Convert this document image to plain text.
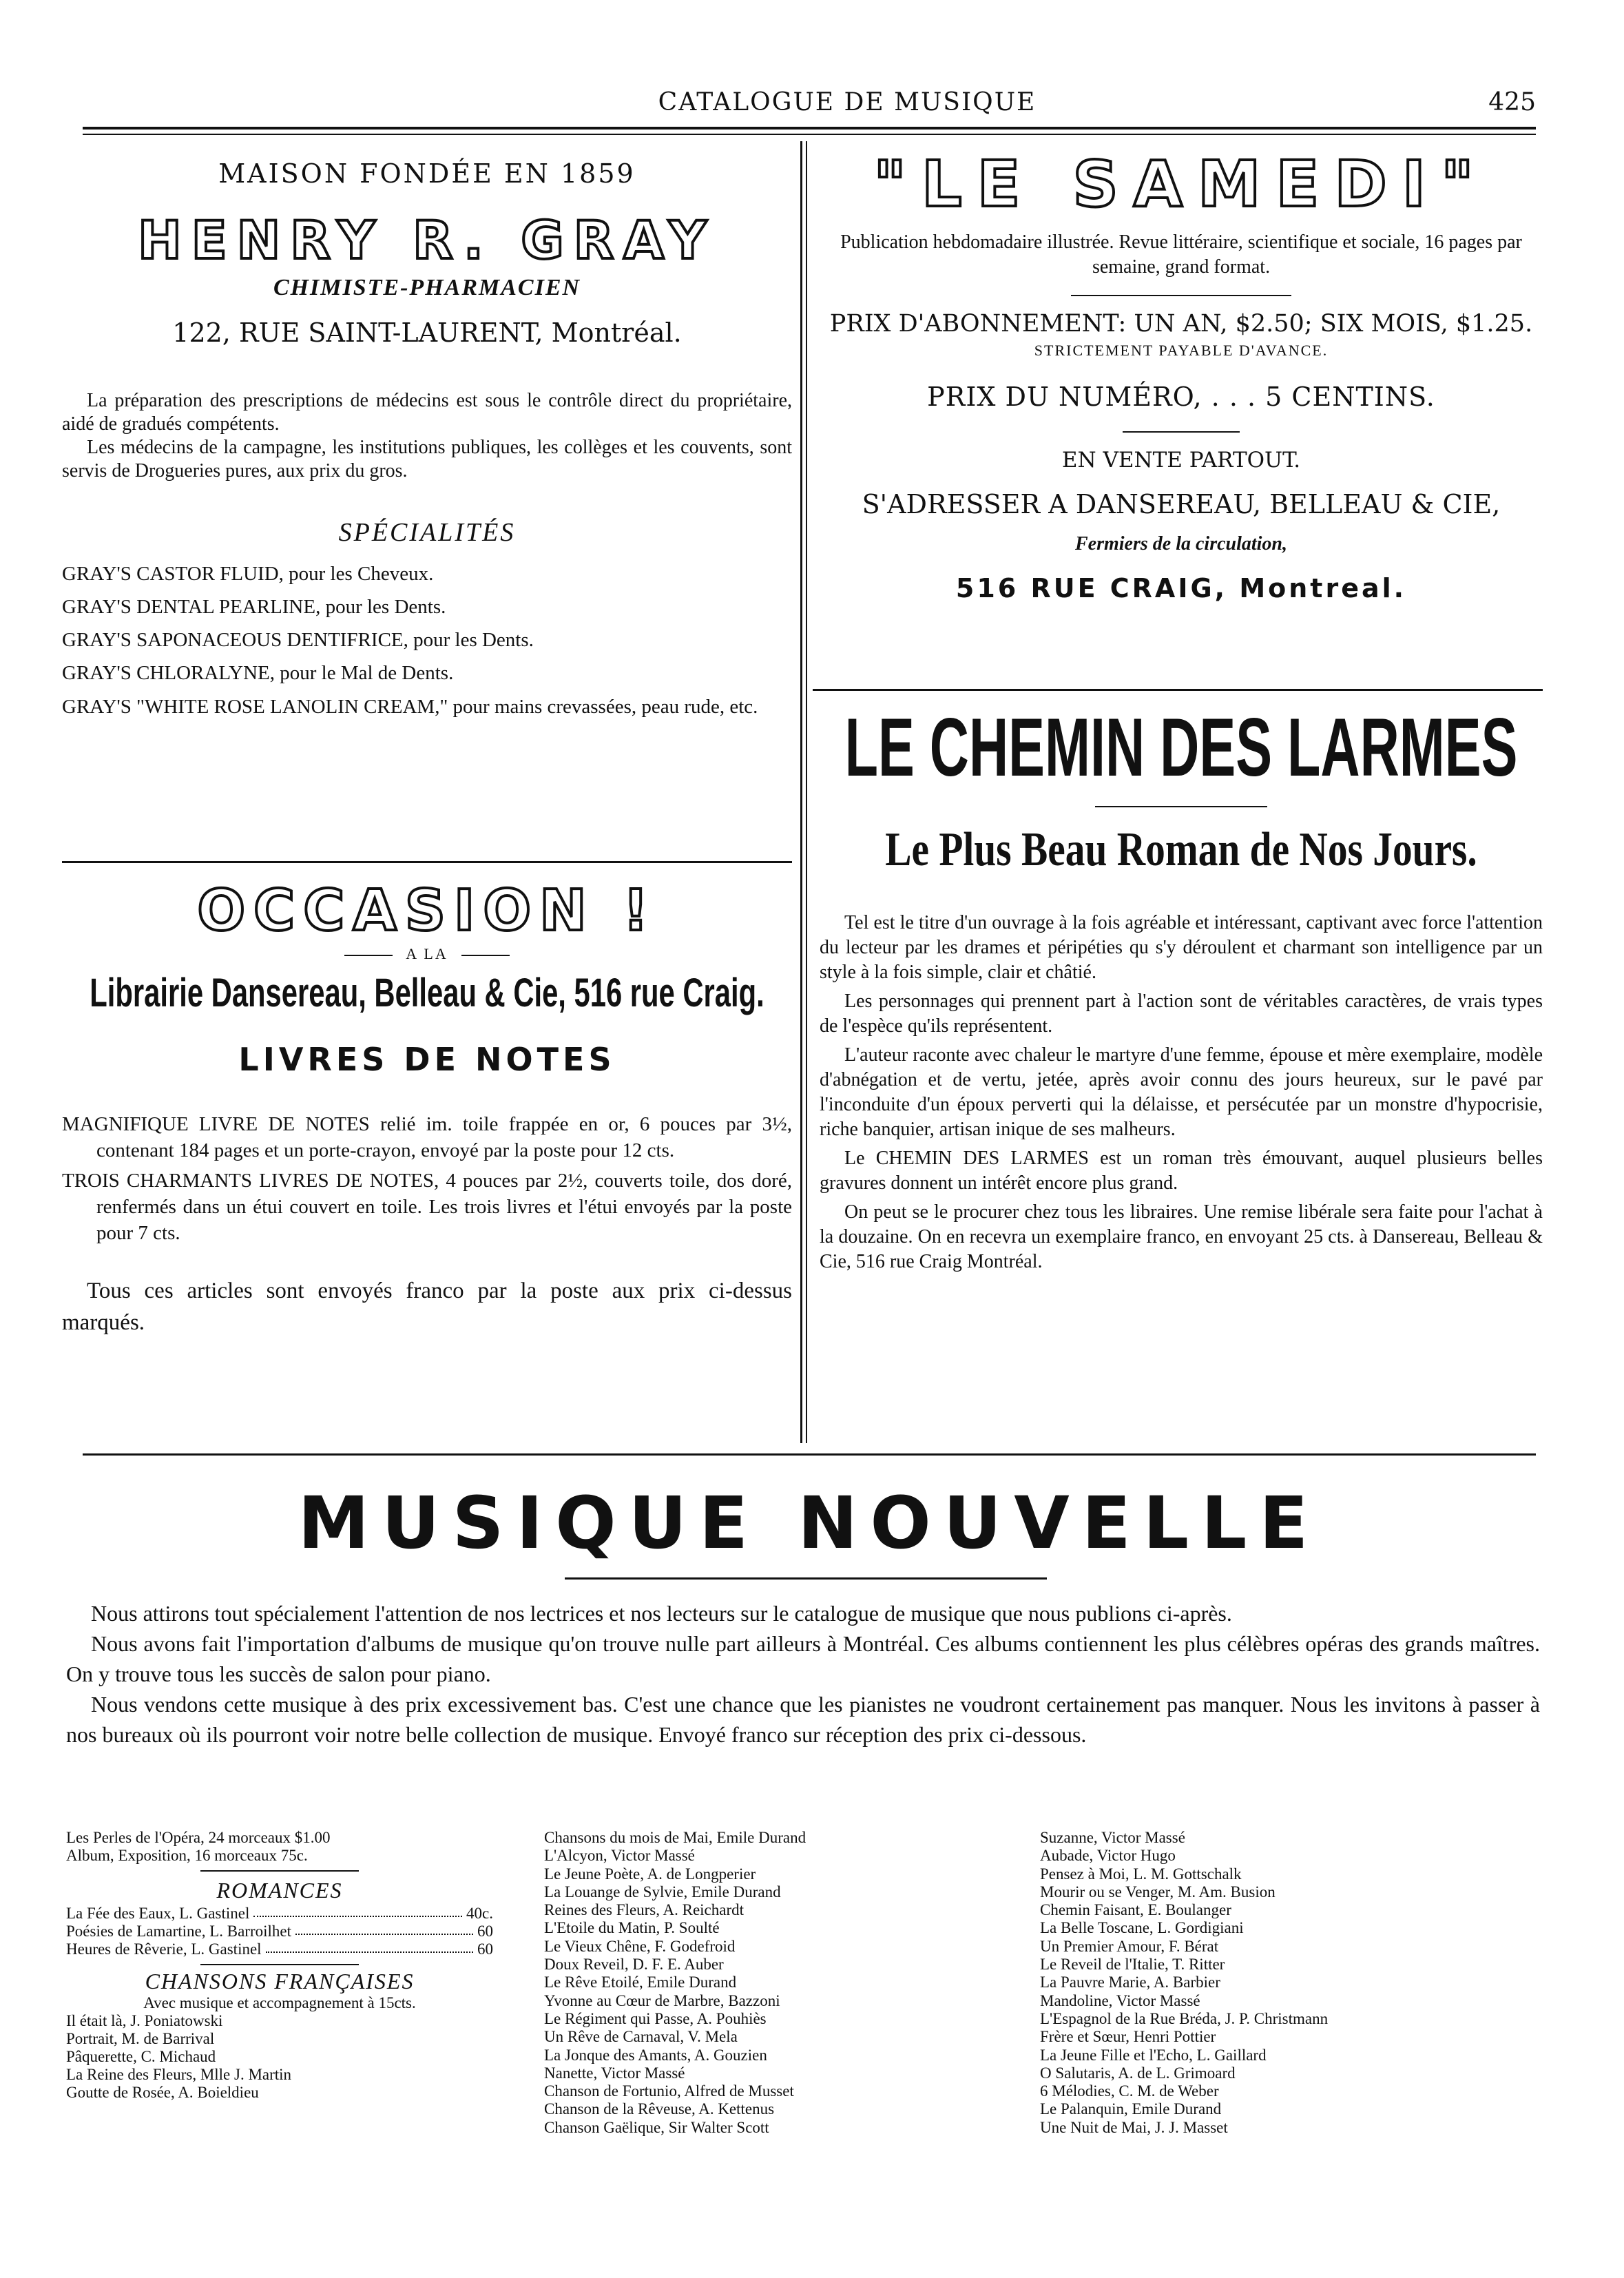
CATALOGUE DE MUSIQUE	425
MAISON FONDÉE EN 1859
HENRY R. GRAY
CHIMISTE-PHARMACIEN
122, RUE SAINT-LAURENT, Montréal.
La préparation des prescriptions de médecins est sous le contrôle direct du propriétaire, aidé de gradués compétents.
Les médecins de la campagne, les institutions publiques, les collèges et les couvents, sont servis de Drogueries pures, aux prix du gros.
SPÉCIALITÉS
GRAY'S CASTOR FLUID, pour les Cheveux.
GRAY'S DENTAL PEARLINE, pour les Dents.
GRAY'S SAPONACEOUS DENTIFRICE, pour les Dents.
GRAY'S CHLORALYNE, pour le Mal de Dents.
GRAY'S "WHITE ROSE LANOLIN CREAM," pour mains crevassées, peau rude, etc.
OCCASION !
A LA
Librairie Dansereau, Belleau & Cie, 516 rue Craig.
LIVRES DE NOTES
MAGNIFIQUE LIVRE DE NOTES relié im. toile frappée en or, 6 pouces par 3½, contenant 184 pages et un porte-crayon, envoyé par la poste pour 12 cts.
TROIS CHARMANTS LIVRES DE NOTES, 4 pouces par 2½, couverts toile, dos doré, renfermés dans un étui couvert en toile. Les trois livres et l'étui envoyés par la poste pour 7 cts.
Tous ces articles sont envoyés franco par la poste aux prix ci-dessus marqués.
"LE SAMEDI"
Publication hebdomadaire illustrée. Revue littéraire, scientifique et sociale, 16 pages par semaine, grand format.
PRIX D'ABONNEMENT: UN AN, $2.50; SIX MOIS, $1.25.
STRICTEMENT PAYABLE D'AVANCE.
PRIX DU NUMÉRO, . . . 5 CENTINS.
EN VENTE PARTOUT.
S'ADRESSER A DANSEREAU, BELLEAU & CIE,
Fermiers de la circulation,
516 RUE CRAIG, Montreal.
LE CHEMIN DES LARMES
Le Plus Beau Roman de Nos Jours.
Tel est le titre d'un ouvrage à la fois agréable et intéressant, captivant avec force l'attention du lecteur par les drames et péripéties qu s'y déroulent et charmant son intelligence par un style à la fois simple, clair et châtié.
Les personnages qui prennent part à l'action sont de véritables caractères, de vrais types de l'espèce qu'ils représentent.
L'auteur raconte avec chaleur le martyre d'une femme, épouse et mère exemplaire, modèle d'abnégation et de vertu, jetée, après avoir connu des jours heureux, sur le pavé par l'inconduite d'un époux perverti qui la délaisse, et persécutée par un monstre d'hypocrisie, riche banquier, artisan inique de ses malheurs.
Le CHEMIN DES LARMES est un roman très émouvant, auquel plusieurs belles gravures donnent un intérêt encore plus grand.
On peut se le procurer chez tous les libraires. Une remise libérale sera faite pour l'achat à la douzaine. On en recevra un exemplaire franco, en envoyant 25 cts. à Dansereau, Belleau & Cie, 516 rue Craig Montréal.
MUSIQUE NOUVELLE
Nous attirons tout spécialement l'attention de nos lectrices et nos lecteurs sur le catalogue de musique que nous publions ci-après.
Nous avons fait l'importation d'albums de musique qu'on trouve nulle part ailleurs à Montréal. Ces albums contiennent les plus célèbres opéras des grands maîtres. On y trouve tous les succès de salon pour piano.
Nous vendons cette musique à des prix excessivement bas. C'est une chance que les pianistes ne voudront certainement pas manquer. Nous les invitons à passer à nos bureaux où ils pourront voir notre belle collection de musique. Envoyé franco sur réception des prix ci-dessous.
Les Perles de l'Opéra, 24 morceaux $1.00
Album, Exposition, 16 morceaux 75c.
ROMANCES
La Fée des Eaux, L. Gastinel	40c.
Poésies de Lamartine, L. Barroilhet	60
Heures de Rêverie, L. Gastinel	60
CHANSONS FRANÇAISES
Avec musique et accompagnement à 15cts.
Il était là, J. Poniatowski
Portrait, M. de Barrival
Pâquerette, C. Michaud
La Reine des Fleurs, Mlle J. Martin
Goutte de Rosée, A. Boieldieu
Chansons du mois de Mai, Emile Durand
L'Alcyon, Victor Massé
Le Jeune Poète, A. de Longperier
La Louange de Sylvie, Emile Durand
Reines des Fleurs, A. Reichardt
L'Etoile du Matin, P. Soulté
Le Vieux Chêne, F. Godefroid
Doux Reveil, D. F. E. Auber
Le Rêve Etoilé, Emile Durand
Yvonne au Cœur de Marbre, Bazzoni
Le Régiment qui Passe, A. Pouhiès
Un Rêve de Carnaval, V. Mela
La Jonque des Amants, A. Gouzien
Nanette, Victor Massé
Chanson de Fortunio, Alfred de Musset
Chanson de la Rêveuse, A. Kettenus
Chanson Gaëlique, Sir Walter Scott
Suzanne, Victor Massé
Aubade, Victor Hugo
Pensez à Moi, L. M. Gottschalk
Mourir ou se Venger, M. Am. Busion
Chemin Faisant, E. Boulanger
La Belle Toscane, L. Gordigiani
Un Premier Amour, F. Bérat
Le Reveil de l'Italie, T. Ritter
La Pauvre Marie, A. Barbier
Mandoline, Victor Massé
L'Espagnol de la Rue Bréda, J. P. Christmann
Frère et Sœur, Henri Pottier
La Jeune Fille et l'Echo, L. Gaillard
O Salutaris, A. de L. Grimoard
6 Mélodies, C. M. de Weber
Le Palanquin, Emile Durand
Une Nuit de Mai, J. J. Masset
